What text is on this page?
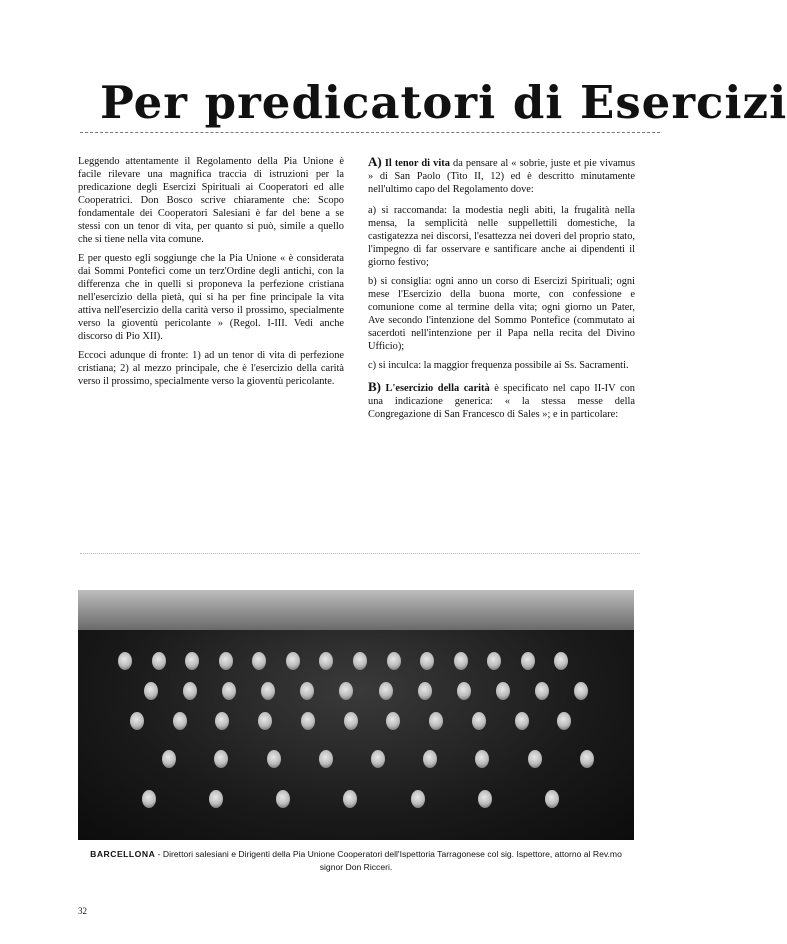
Per predicatori di Esercizi

Leggendo attentamente il Regolamento della Pia Unione è facile rilevare una magnifica traccia di istruzioni per la predicazione degli Esercizi Spirituali ai Cooperatori ed alle Cooperatrici. Don Bosco scrive chiaramente che: Scopo fondamentale dei Cooperatori Salesiani è far del bene a se stessi con un tenor di vita, per quanto si può, simile a quello che si tiene nella vita comune.

E per questo egli soggiunge che la Pia Unione « è considerata dai Sommi Pontefici come un terz'Ordine degli antichi, con la differenza che in quelli si proponeva la perfezione cristiana nell'esercizio della pietà, qui si ha per fine principale la vita attiva nell'esercizio della carità verso il prossimo, specialmente verso la gioventù pericolante » (Regol. I-III. Vedi anche discorso di Pio XII).

Eccoci adunque di fronte: 1) ad un tenor di vita di perfezione cristiana; 2) al mezzo principale, che è l'esercizio della carità verso il prossimo, specialmente verso la gioventù pericolante.

A) Il tenor di vita da pensare al « sobrie, juste et pie vivamus » di San Paolo (Tito II, 12) ed è descritto minutamente nell'ultimo capo del Regolamento dove:

a) si raccomanda: la modestia negli abiti, la frugalità nella mensa, la semplicità nelle suppellettili domestiche, la castigatezza nei discorsi, l'esattezza nei doveri del proprio stato, l'impegno di far osservare e santificare anche ai dipendenti il giorno festivo;

b) si consiglia: ogni anno un corso di Esercizi Spirituali; ogni mese l'Esercizio della buona morte, con confessione e comunione come al termine della vita; ogni giorno un Pater, Ave secondo l'intenzione del Sommo Pontefice (commutato ai sacerdoti nell'intenzione per il Papa nella recita del Divino Ufficio);

c) si inculca: la maggior frequenza possibile ai Ss. Sacramenti.

B) L'esercizio della carità è specificato nel capo II-IV con una indicazione generica: « la stessa messe della Congregazione di San Francesco di Sales »; e in particolare:

BARCELLONA - Direttori salesiani e Dirigenti della Pia Unione Cooperatori dell'Ispettoria Tarragonese col sig. Ispettore, attorno al Rev.mo signor Don Ricceri.
32
